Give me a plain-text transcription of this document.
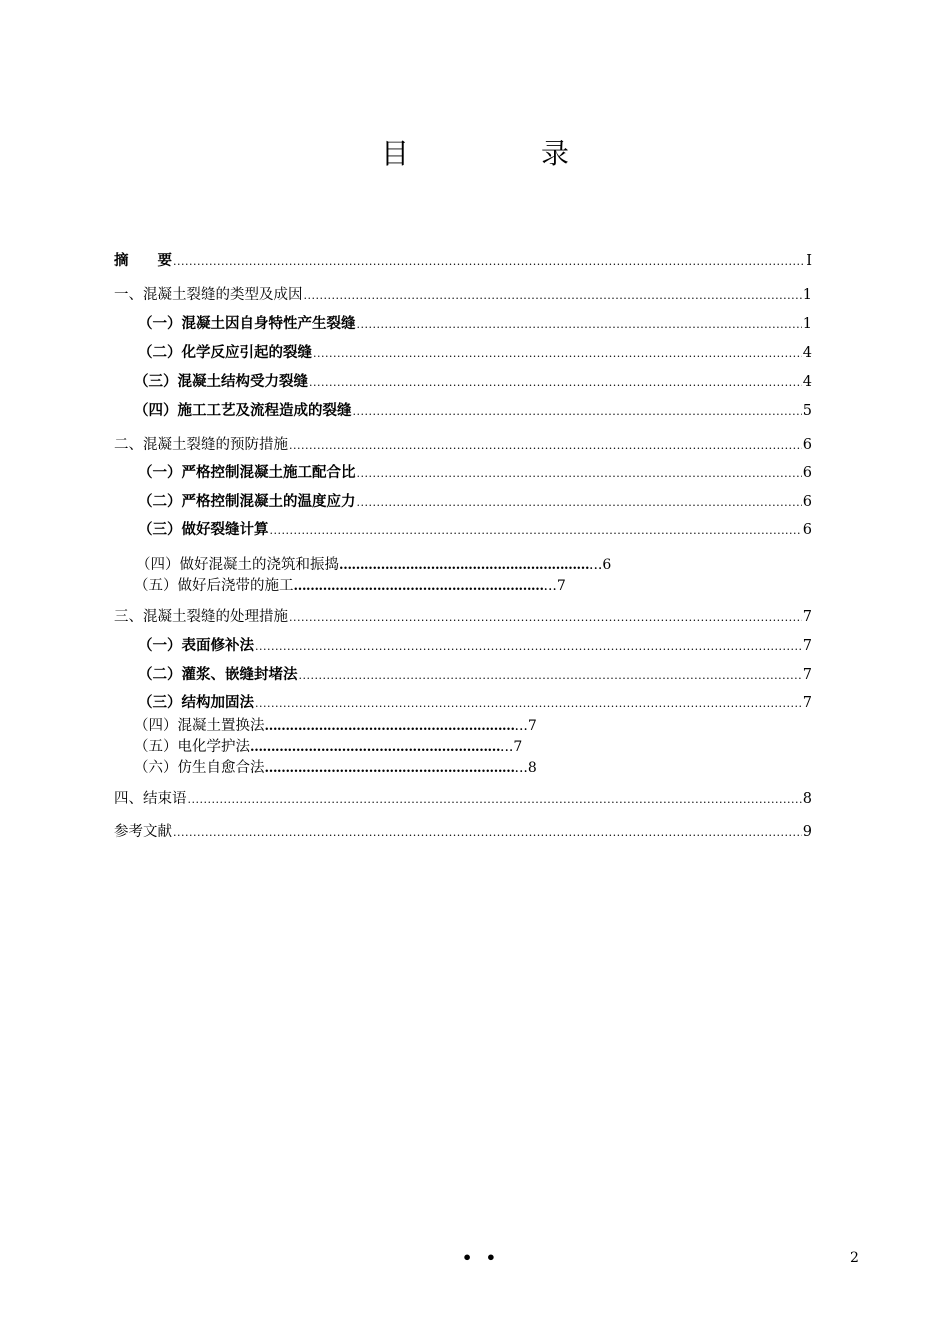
目　录
摘　　要 .....	I
一、混凝土裂缝的类型及成因 .....	1
（一）混凝土因自身特性产生裂缝 .....	1
（二）化学反应引起的裂缝 .....	4
（三）混凝土结构受力裂缝 .....	4
（四）施工工艺及流程造成的裂缝 .....	5
二、混凝土裂缝的预防措施 .....	6
（一）严格控制混凝土施工配合比 .....	6
（二）严格控制混凝土的温度应力 .....	6
（三）做好裂缝计算 .....	6
（四）做好混凝土的浇筑和振捣 …………………………………………………… ...6
（五）做好后浇带的施工 …………………………………………………… ...7
三、混凝土裂缝的处理措施 .....	7
（一）表面修补法 .....	7
（二）灌浆、嵌缝封堵法 .....	7
（三）结构加固法 .....	7
（四）混凝土置换法 …………………………………………………… ...7
（五）电化学护法 …………………………………………………… ...7
（六）仿生自愈合法 …………………………………………………… ...8
四、结束语 .....	8
参考文献 .....	9
• •	2
